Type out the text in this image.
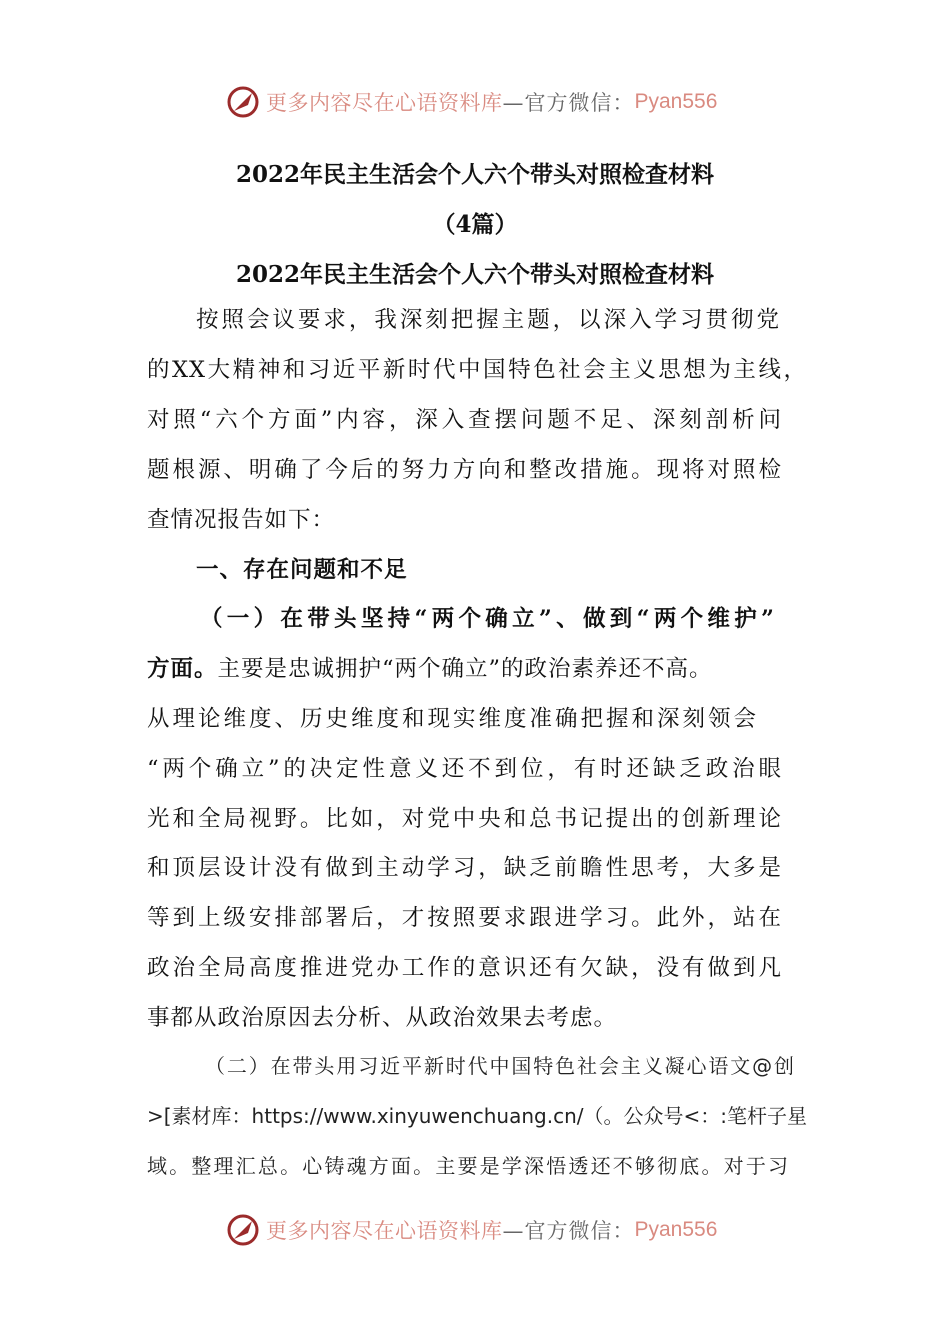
更多内容尽在心语资料库 —官方微信： Pyan556
2022年民主生活会个人六个带头对照检查材料
（4篇）
2022年民主生活会个人六个带头对照检查材料
按照会议要求，我深刻把握主题，以深入学习贯彻党
的XX大精神和习近平新时代中国特色社会主义思想为主线，
对照“六个方面”内容，深入查摆问题不足、深刻剖析问
题根源、明确了今后的努力方向和整改措施。现将对照检
查情况报告如下：
一、存在问题和不足
（一）在带头坚持“两个确立”、做到“两个维护”
方面。主要是忠诚拥护“两个确立”的政治素养还不高。
从理论维度、历史维度和现实维度准确把握和深刻领会
“两个确立”的决定性意义还不到位，有时还缺乏政治眼
光和全局视野。比如，对党中央和总书记提出的创新理论
和顶层设计没有做到主动学习，缺乏前瞻性思考，大多是
等到上级安排部署后，才按照要求跟进学习。此外，站在
政治全局高度推进党办工作的意识还有欠缺，没有做到凡
事都从政治原因去分析、从政治效果去考虑。
（二）在带头用习近平新时代中国特色社会主义凝心语文@创
>[素材库：https://www.xinyuwenchuang.cn/（。公众号<：:笔杆子星
域。整理汇总。心铸魂方面。主要是学深悟透还不够彻底。对于习
更多内容尽在心语资料库 —官方微信： Pyan556
